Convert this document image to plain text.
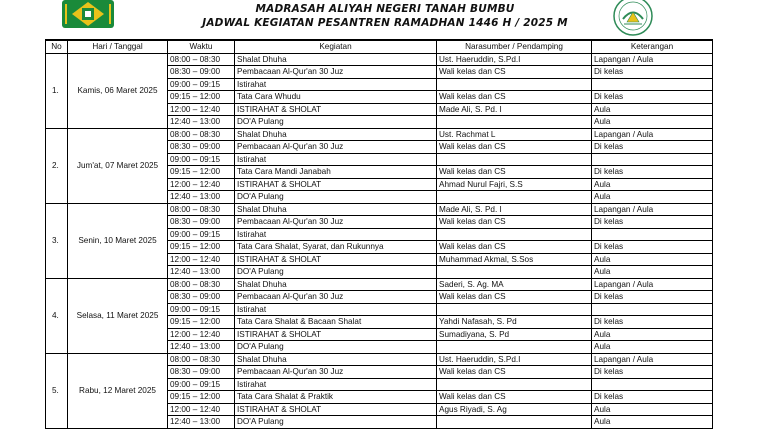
MADRASAH ALIYAH NEGERI TANAH BUMBU
JADWAL KEGIATAN PESANTREN RAMADHAN 1446 H / 2025 M
No	Hari / Tanggal	Waktu	Kegiatan	Narasumber / Pendamping	Keterangan
1.	Kamis, 06 Maret 2025	08:00 – 08:30	Shalat Dhuha	Ust. Haeruddin, S.Pd.I	Lapangan / Aula
		08:30 – 09:00	Pembacaan Al-Qur'an 30 Juz	Wali kelas dan CS	Di kelas
		09:00 – 09:15	Istirahat		
		09:15 – 12:00	Tata Cara Whudu	Wali kelas dan CS	Di kelas
		12:00 – 12:40	ISTIRAHAT & SHOLAT	Made Ali, S. Pd. I	Aula
		12:40 – 13:00	DO'A Pulang		Aula
2.	Jum'at, 07 Maret 2025	08:00 – 08:30	Shalat Dhuha	Ust. Rachmat L	Lapangan / Aula
		08:30 – 09:00	Pembacaan Al-Qur'an 30 Juz	Wali kelas dan CS	Di kelas
		09:00 – 09:15	Istirahat		
		09:15 – 12:00	Tata Cara Mandi Janabah	Wali kelas dan CS	Di kelas
		12:00 – 12:40	ISTIRAHAT & SHOLAT	Ahmad Nurul Fajri, S.S	Aula
		12:40 – 13:00	DO'A Pulang		Aula
3.	Senin, 10 Maret 2025	08:00 – 08:30	Shalat Dhuha	Made Ali, S. Pd. I	Lapangan / Aula
		08:30 – 09:00	Pembacaan Al-Qur'an 30 Juz	Wali kelas dan CS	Di kelas
		09:00 – 09:15	Istirahat		
		09:15 – 12:00	Tata Cara Shalat, Syarat, dan Rukunnya	Wali kelas dan CS	Di kelas
		12:00 – 12:40	ISTIRAHAT & SHOLAT	Muhammad Akmal, S.Sos	Aula
		12:40 – 13:00	DO'A Pulang		Aula
4.	Selasa, 11 Maret 2025	08:00 – 08:30	Shalat Dhuha	Saderi, S. Ag. MA	Lapangan / Aula
		08:30 – 09:00	Pembacaan Al-Qur'an 30 Juz	Wali kelas dan CS	Di kelas
		09:00 – 09:15	Istirahat		
		09:15 – 12:00	Tata Cara Shalat & Bacaan Shalat	Yahdi Nafasah, S. Pd	Di kelas
		12:00 – 12:40	ISTIRAHAT & SHOLAT	Sumadiyana, S. Pd	Aula
		12:40 – 13:00	DO'A Pulang		Aula
5.	Rabu, 12 Maret 2025	08:00 – 08:30	Shalat Dhuha	Ust. Haeruddin, S.Pd.I	Lapangan / Aula
		08:30 – 09:00	Pembacaan Al-Qur'an 30 Juz	Wali kelas dan CS	Di kelas
		09:00 – 09:15	Istirahat		
		09:15 – 12:00	Tata Cara Shalat & Praktik	Wali kelas dan CS	Di kelas
		12:00 – 12:40	ISTIRAHAT & SHOLAT	Agus Riyadi, S. Ag	Aula
		12:40 – 13:00	DO'A Pulang		Aula
